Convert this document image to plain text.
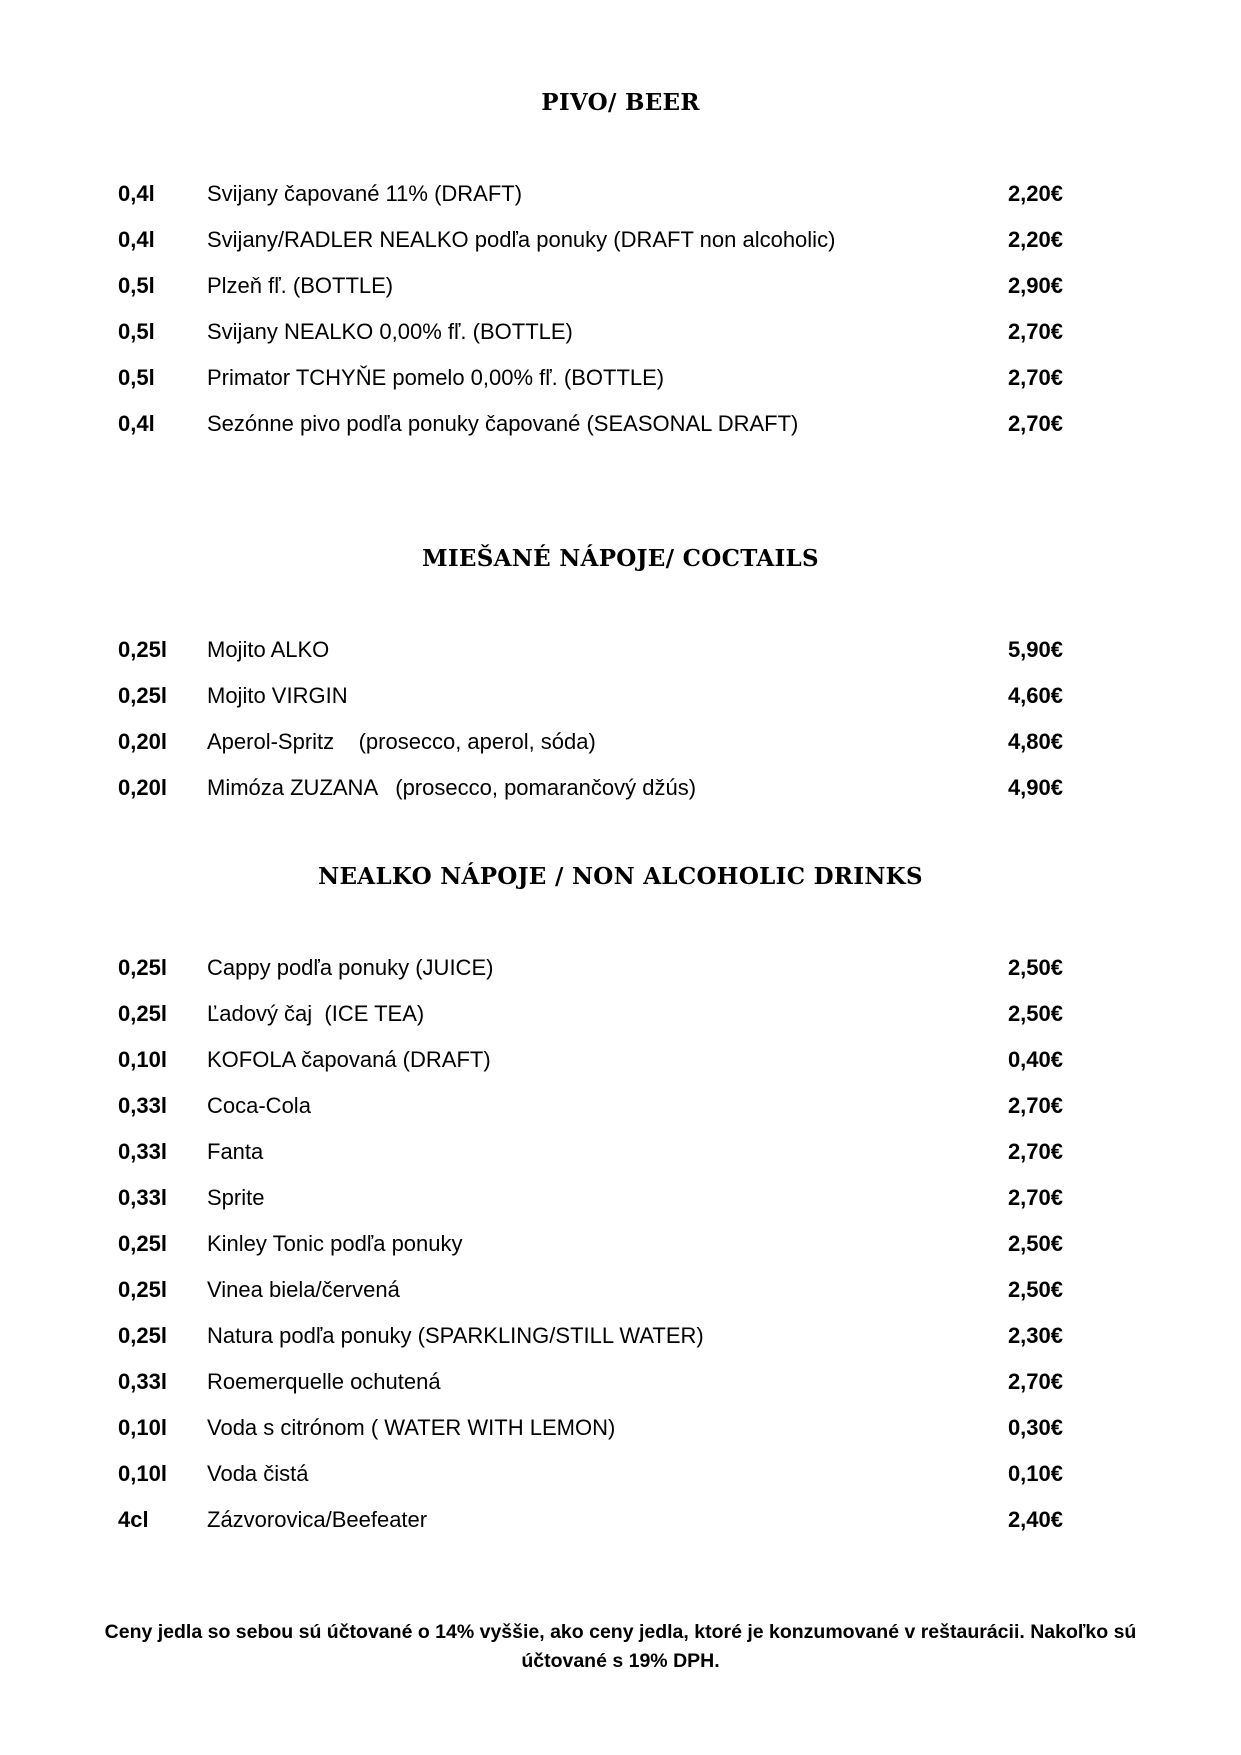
PIVO/ BEER
0,4l Svijany čapované 11% (DRAFT)	2,20€
0,4l Svijany/RADLER NEALKO podľa ponuky (DRAFT non alcoholic)	2,20€
0,5l Plzeň fľ. (BOTTLE)	2,90€
0,5l Svijany NEALKO 0,00% fľ. (BOTTLE)	2,70€
0,5l Primator TCHYŇE pomelo 0,00% fľ. (BOTTLE)	2,70€
0,4l Sezónne pivo podľa ponuky čapované (SEASONAL DRAFT)	2,70€
MIEŠANÉ NÁPOJE/ COCTAILS
0,25l Mojito ALKO	5,90€
0,25l Mojito VIRGIN	4,60€
0,20l Aperol-Spritz    (prosecco, aperol, sóda)	4,80€
0,20l Mimóza ZUZANA   (prosecco, pomarančový džús)	4,90€
NEALKO NÁPOJE / NON ALCOHOLIC DRINKS
0,25l Cappy podľa ponuky (JUICE)	2,50€
0,25l Ľadový čaj  (ICE TEA)	2,50€
0,10l KOFOLA čapovaná (DRAFT)	0,40€
0,33l Coca-Cola	2,70€
0,33l Fanta	2,70€
0,33l Sprite	2,70€
0,25l Kinley Tonic podľa ponuky	2,50€
0,25l Vinea biela/červená	2,50€
0,25l Natura podľa ponuky (SPARKLING/STILL WATER)	2,30€
0,33l Roemerquelle ochutená	2,70€
0,10l Voda s citrónom ( WATER WITH LEMON)	0,30€
0,10l Voda čistá	0,10€
4cl	Zázvorovica/Beefeater	2,40€

Ceny jedla so sebou sú účtované o 14% vyššie, ako ceny jedla, ktoré je konzumované v reštaurácii. Nakoľko sú
účtované s 19% DPH.
